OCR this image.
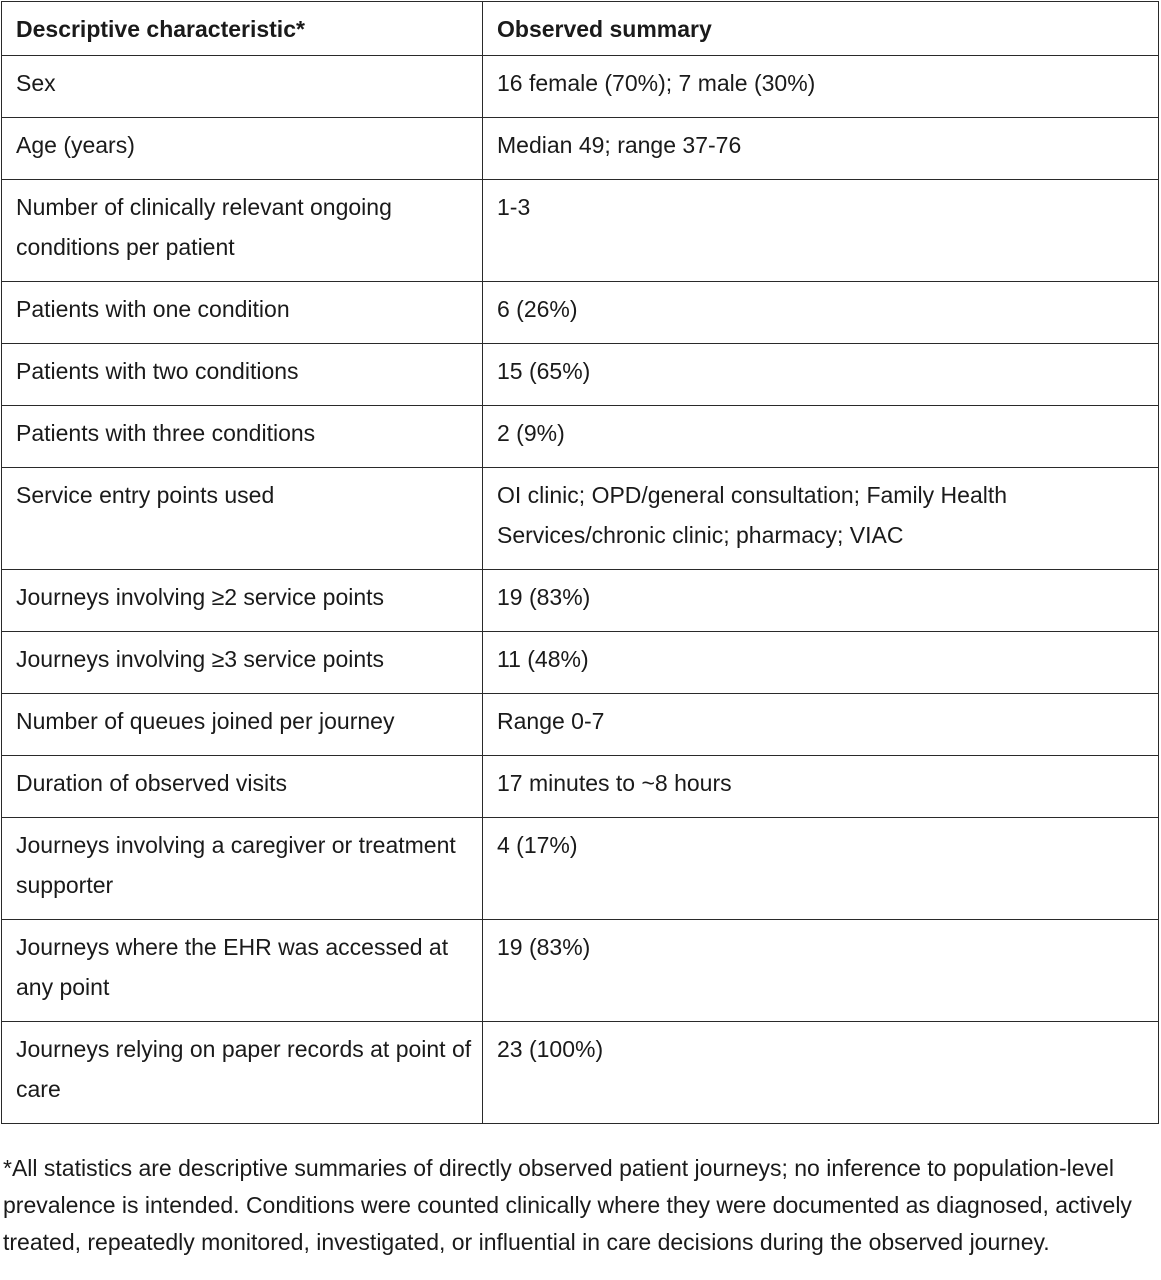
Descriptive characteristic*	Observed summary
Sex	16 female (70%); 7 male (30%)
Age (years)	Median 49; range 37-76
Number of clinically relevant ongoing conditions per patient	1-3
Patients with one condition	6 (26%)
Patients with two conditions	15 (65%)
Patients with three conditions	2 (9%)
Service entry points used	OI clinic; OPD/general consultation; Family Health Services/chronic clinic; pharmacy; VIAC
Journeys involving ≥2 service points	19 (83%)
Journeys involving ≥3 service points	11 (48%)
Number of queues joined per journey	Range 0-7
Duration of observed visits	17 minutes to ~8 hours
Journeys involving a caregiver or treatment supporter	4 (17%)
Journeys where the EHR was accessed at any point	19 (83%)
Journeys relying on paper records at point of care	23 (100%)

*All statistics are descriptive summaries of directly observed patient journeys; no inference to population-level prevalence is intended. Conditions were counted clinically where they were documented as diagnosed, actively treated, repeatedly monitored, investigated, or influential in care decisions during the observed journey.
